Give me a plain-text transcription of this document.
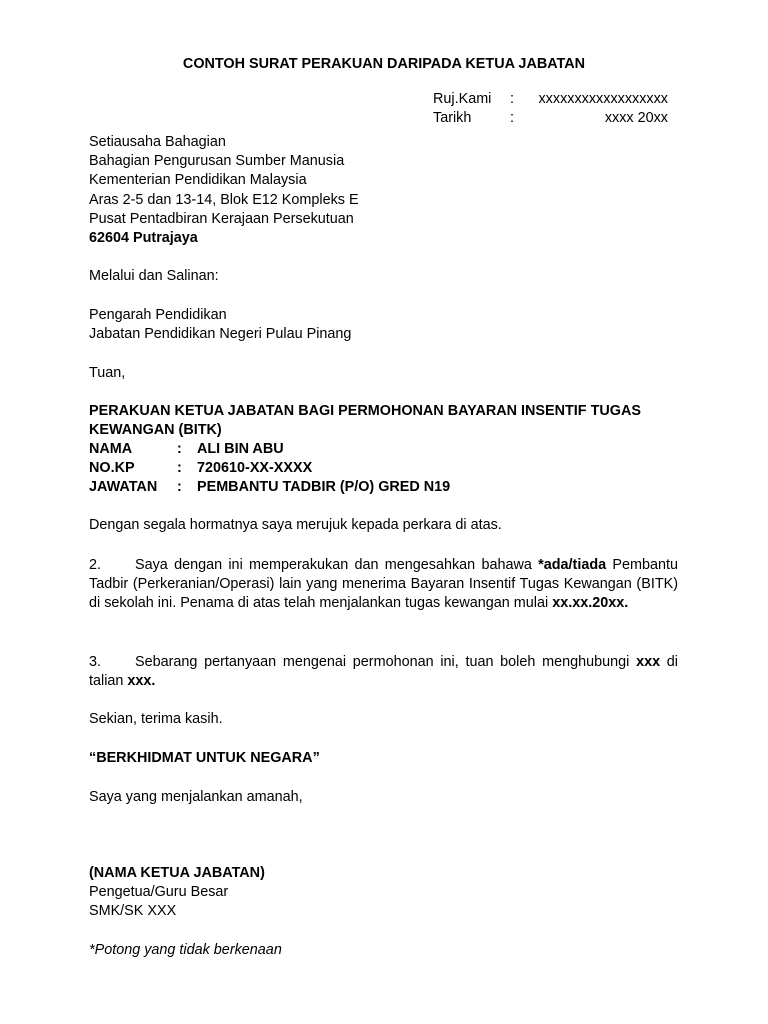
CONTOH SURAT PERAKUAN DARIPADA KETUA JABATAN
Ruj.Kami : xxxxxxxxxxxxxxxxxx
Tarikh	:	xxxx 20xx

Setiausaha Bahagian

Bahagian Pengurusan Sumber Manusia

Kementerian Pendidikan Malaysia

Aras 2-5 dan 13-14, Blok E12 Kompleks E

Pusat Pentadbiran Kerajaan Persekutuan

62604 Putrajaya

Melalui dan Salinan:

Pengarah Pendidikan

Jabatan Pendidikan Negeri Pulau Pinang

Tuan,
PERAKUAN KETUA JABATAN BAGI PERMOHONAN BAYARAN INSENTIF TUGAS KEWANGAN (BITK)
NAMA	: ALI BIN ABU
NO.KP	: 720610-XX-XXXX
JAWATAN : PEMBANTU TADBIR (P/O) GRED N19
Dengan segala hormatnya saya merujuk kepada perkara di atas.
2. Saya dengan ini memperakukan dan mengesahkan bahawa *ada/tiada Pembantu Tadbir (Perkeranian/Operasi) lain yang menerima Bayaran Insentif Tugas Kewangan (BITK) di sekolah ini. Penama di atas telah menjalankan tugas kewangan mulai xx.xx.20xx.
3. Sebarang pertanyaan mengenai permohonan ini, tuan boleh menghubungi xxx di talian xxx.
Sekian, terima kasih.
“BERKHIDMAT UNTUK NEGARA”
Saya yang menjalankan amanah,

(NAMA KETUA JABATAN)

Pengetua/Guru Besar

SMK/SK XXX

*Potong yang tidak berkenaan
